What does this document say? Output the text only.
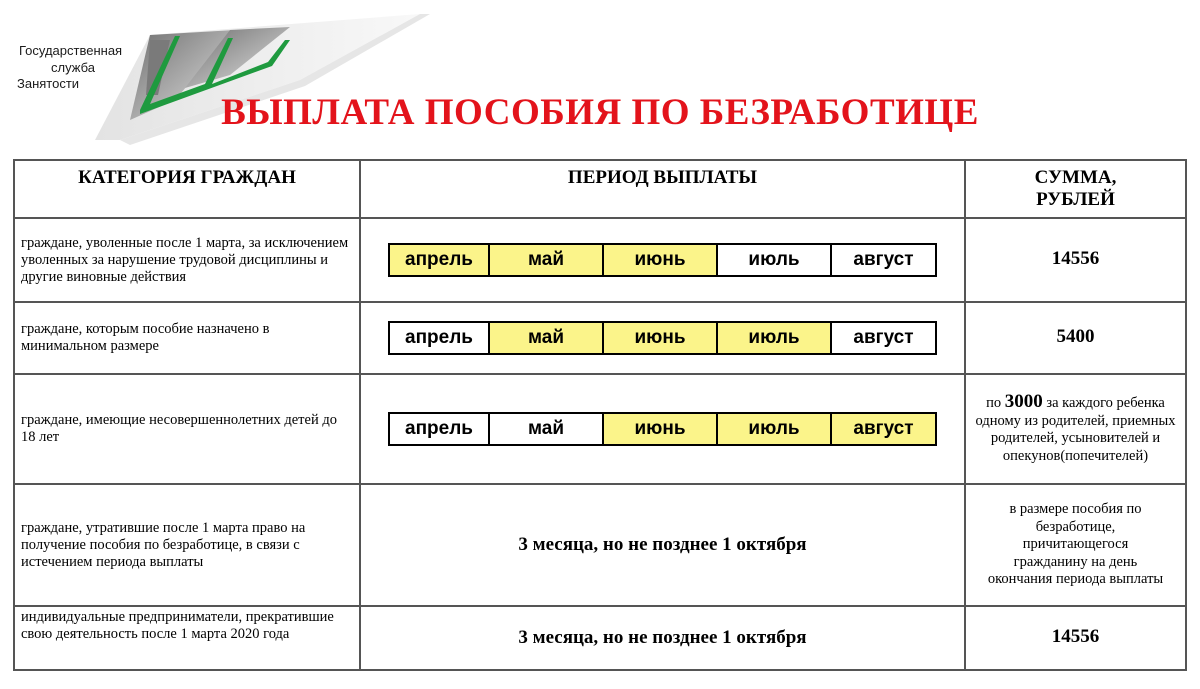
Государственная
служба
Занятости
ВЫПЛАТА ПОСОБИЯ ПО БЕЗРАБОТИЦЕ
КАТЕГОРИЯ ГРАЖДАН	ПЕРИОД ВЫПЛАТЫ	СУММА, РУБЛЕЙ
граждане, уволенные после 1 марта, за исключением уволенных за нарушение трудовой дисциплины и другие виновные действия	апрель май июнь июль август	14556
граждане, которым пособие назначено в минимальном размере	апрель май июнь июль август	5400
граждане, имеющие несовершеннолетних детей до 18 лет	апрель май июнь июль август	по 3000 за каждого ребенка одному из родителей, приемных родителей, усыновителей и опекунов(попечителей)
граждане, утратившие после 1 марта право на получение пособия по безработице, в связи с истечением периода выплаты	3 месяца, но не позднее 1 октября	в размере пособия по безработице, причитающегося гражданину на день окончания периода выплаты
индивидуальные предприниматели, прекратившие свою деятельность после 1 марта 2020 года	3 месяца, но не позднее 1 октября	14556
